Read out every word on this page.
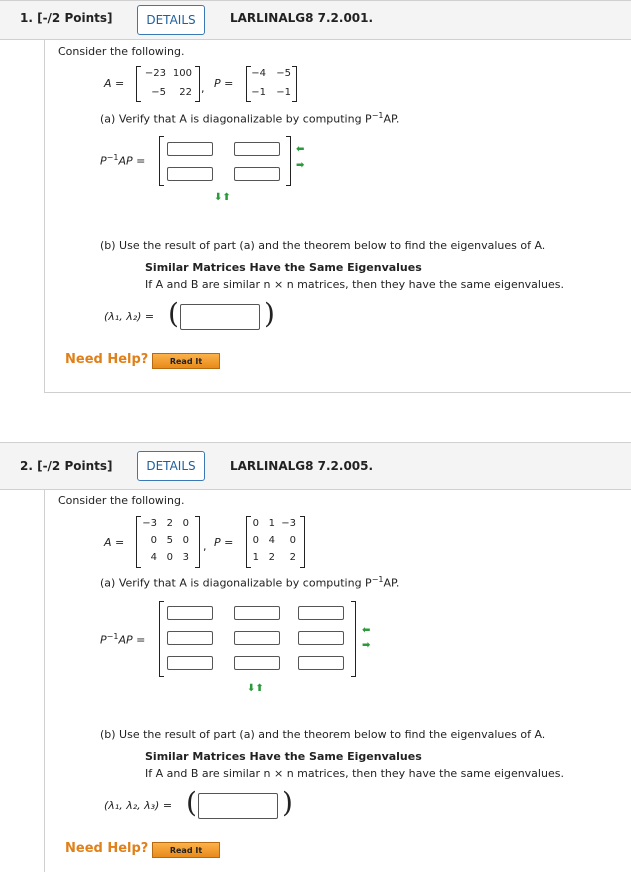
1. [-/2 Points]	DETAILS	LARLINALG8 7.2.001.
Consider the following.
A =
−23 100
−5	22 , P =
−4	−5
−1	−1
(a) Verify that A is diagonalizable by computing $P^{-1}AP$.
$P^{-1}AP$ =
⬅
➡
⬇⬆
(b) Use the result of part (a) and the theorem below to find the eigenvalues of A.
Similar Matrices Have the Same Eigenvalues
If A and B are similar n × n matrices, then they have the same eigenvalues.
(λ₁, λ₂) = (	)
Need Help?	Read It
2. [-/2 Points]	DETAILS	LARLINALG8 7.2.005.
Consider the following.
A =
−3 2 0
0 5 0
4 0 3
, P =
0 1 −3
0 4	0
1 2	2
(a) Verify that A is diagonalizable by computing $P^{-1}AP$.
$P^{-1}AP$ =
⬅
➡
⬇⬆
(b) Use the result of part (a) and the theorem below to find the eigenvalues of A.
Similar Matrices Have the Same Eigenvalues
If A and B are similar n × n matrices, then they have the same eigenvalues.
(λ₁, λ₂, λ₃) = (	)
Need Help?	Read It
